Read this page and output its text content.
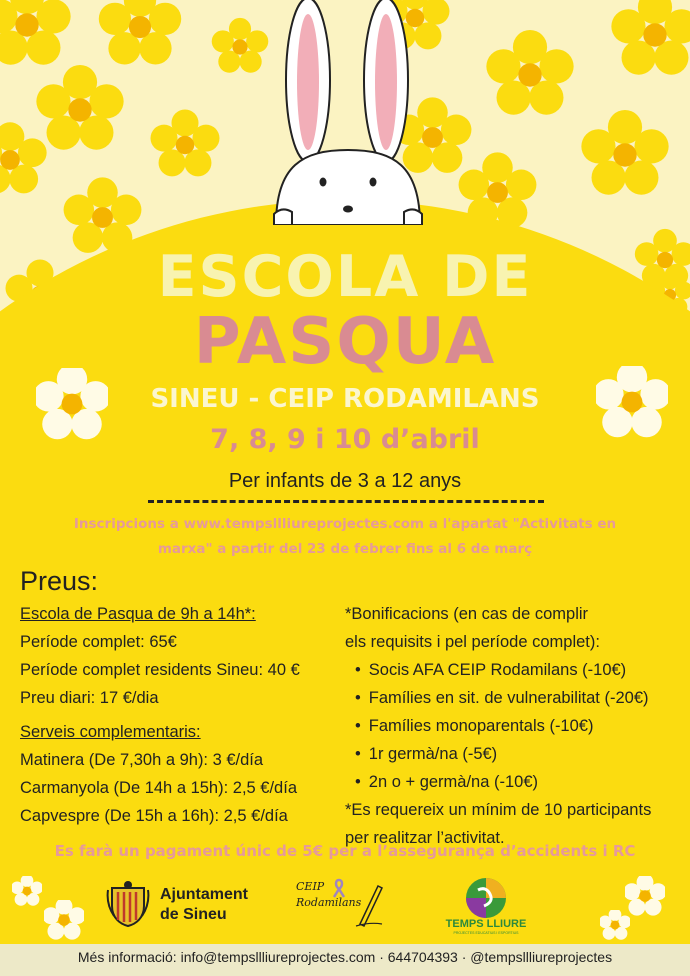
ESCOLA DE
PASQUA
SINEU - CEIP RODAMILANS
7, 8, 9 i 10 d’abril
Per infants de 3 a 12 anys
Inscripcions a www.tempsllliureprojectes.com a l'apartat "Activitats en
marxa" a partir del 23 de febrer fins al 6 de març
Preus:
Escola de Pasqua de 9h a 14h*:
Període complet: 65€
Període complet residents Sineu: 40 €
Preu diari: 17 €/dia
Serveis complementaris:
Matinera (De 7,30h a 9h): 3 €/día
Carmanyola (De 14h a 15h): 2,5 €/día
Capvespre (De 15h a 16h): 2,5 €/día
*Bonificacions (en cas de complir
els requisits i pel període complet):
• Socis AFA CEIP Rodamilans (-10€)
• Famílies en sit. de vulnerabilitat (-20€)
• Famílies monoparentals (-10€)
• 1r germà/na (-5€)
• 2n o + germà/na (-10€)
*Es requereix un mínim de 10 participants
per realitzar l’activitat.
Es farà un pagament únic de 5€ per a l’assegurança d’accidents i RC
Ajuntament
de Sineu
CEIP
Rodamilans
TEMPS LLIURE
PROJECTES EDUCATIUS I ESPORTIUS
Més informació: info@tempsllliureprojectes.com · 644704393 · @tempsllliureprojectes
